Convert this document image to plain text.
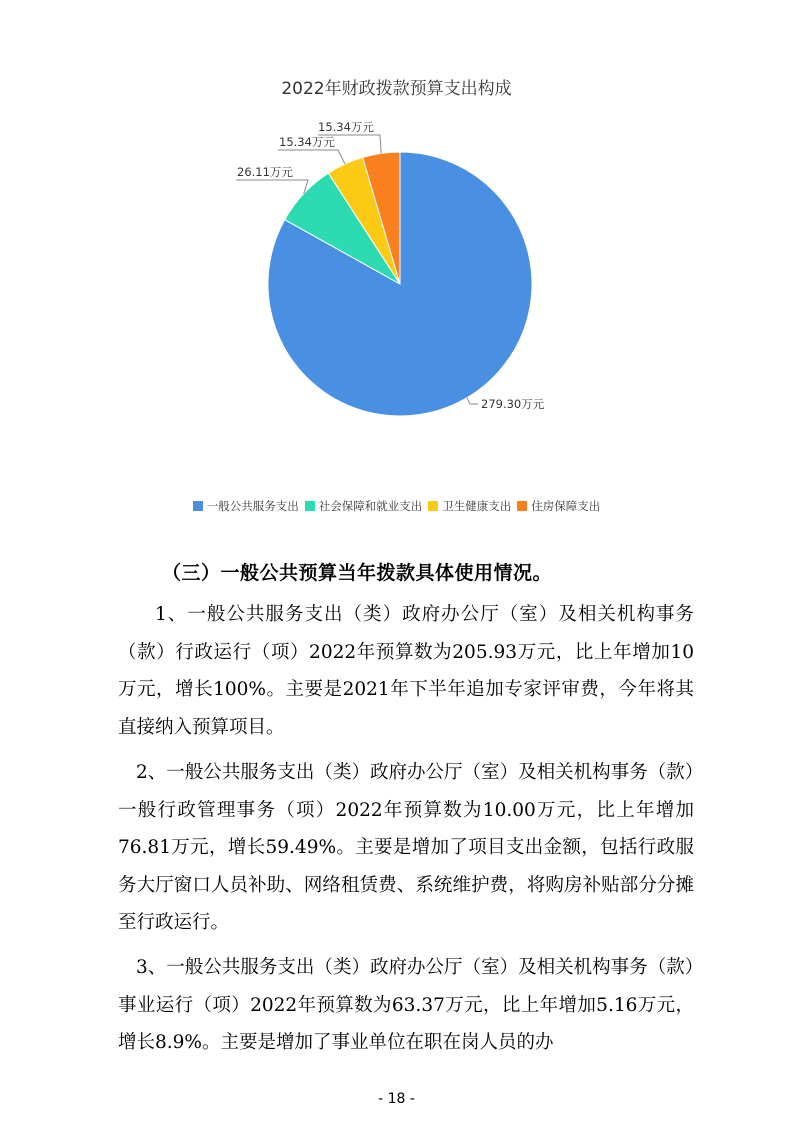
2022年财政拨款预算支出构成
279.30万元
26.11万元
15.34万元
15.34万元
一般公共服务支出 社会保障和就业支出 卫生健康支出 住房保障支出
（三）一般公共预算当年拨款具体使用情况。
1、一般公共服务支出（类）政府办公厅（室）及相关机构事务（款）行政运行（项）2022年预算数为205.93万元，比上年增加10万元，增长100%。主要是2021年下半年追加专家评审费，今年将其直接纳入预算项目。
2、一般公共服务支出（类）政府办公厅（室）及相关机构事务（款）一般行政管理事务（项）2022年预算数为10.00万元，比上年增加76.81万元，增长59.49%。主要是增加了项目支出金额，包括行政服务大厅窗口人员补助、网络租赁费、系统维护费，将购房补贴部分分摊至行政运行。
3、一般公共服务支出（类）政府办公厅（室）及相关机构事务（款）事业运行（项）2022年预算数为63.37万元，比上年增加5.16万元，增长8.9%。主要是增加了事业单位在职在岗人员的办
- 18 -
